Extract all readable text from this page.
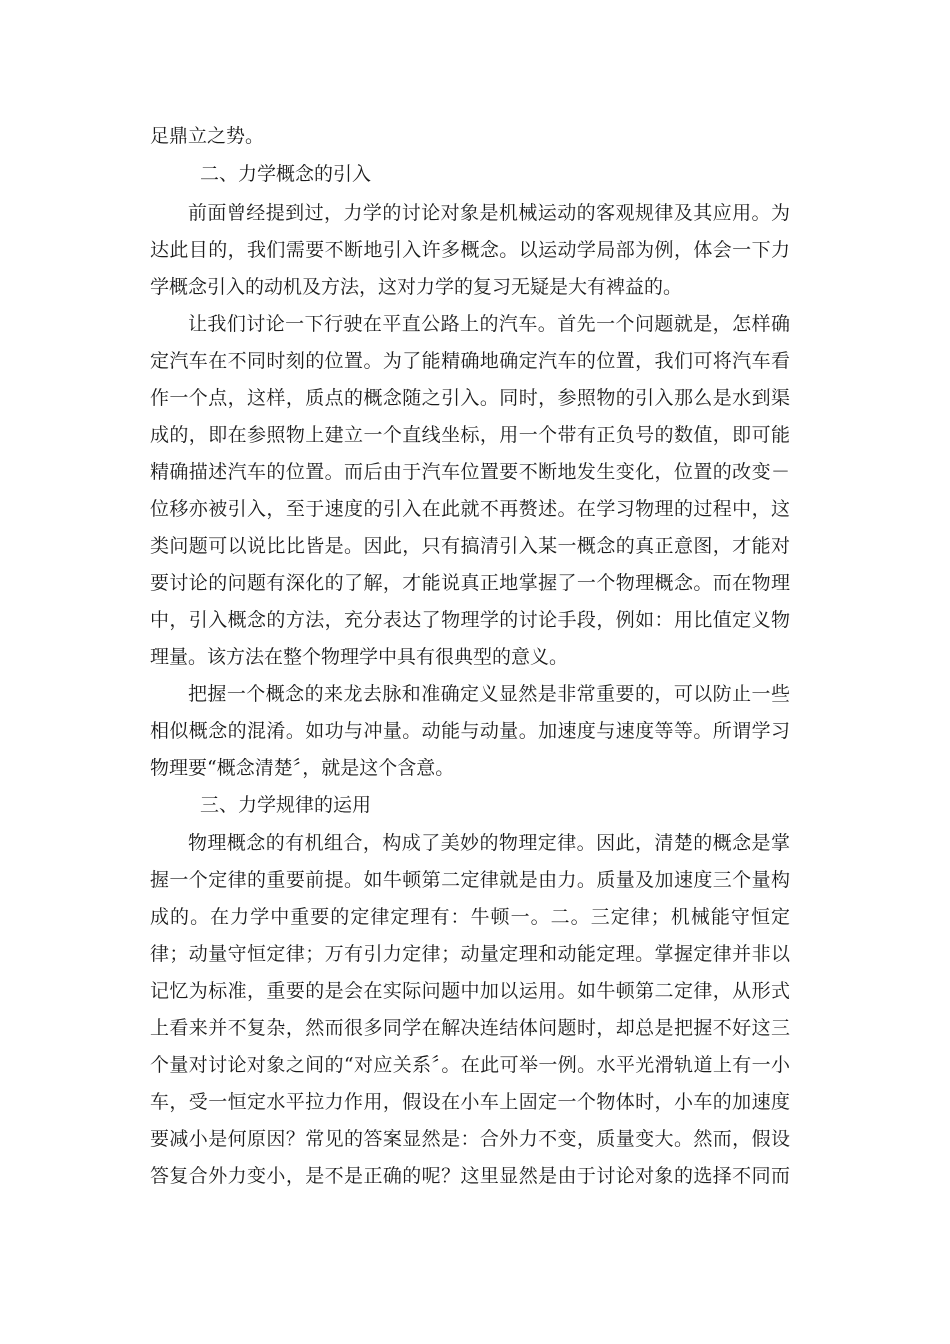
足鼎立之势。
二、力学概念的引入
前面曾经提到过，力学的讨论对象是机械运动的客观规律及其应用。为
达此目的，我们需要不断地引入许多概念。以运动学局部为例，体会一下力
学概念引入的动机及方法，这对力学的复习无疑是大有裨益的。
让我们讨论一下行驶在平直公路上的汽车。首先一个问题就是，怎样确
定汽车在不同时刻的位置。为了能精确地确定汽车的位置，我们可将汽车看
作一个点，这样，质点的概念随之引入。同时，参照物的引入那么是水到渠
成的，即在参照物上建立一个直线坐标，用一个带有正负号的数值，即可能
精确描述汽车的位置。而后由于汽车位置要不断地发生变化，位置的改变－
位移亦被引入，至于速度的引入在此就不再赘述。在学习物理的过程中，这
类问题可以说比比皆是。因此，只有搞清引入某一概念的真正意图，才能对
要讨论的问题有深化的了解，才能说真正地掌握了一个物理概念。而在物理
中，引入概念的方法，充分表达了物理学的讨论手段，例如：用比值定义物
理量。该方法在整个物理学中具有很典型的意义。
把握一个概念的来龙去脉和准确定义显然是非常重要的，可以防止一些
相似概念的混淆。如功与冲量。动能与动量。加速度与速度等等。所谓学习
物理要“概念清楚〞，就是这个含意。
三、力学规律的运用
物理概念的有机组合，构成了美妙的物理定律。因此，清楚的概念是掌
握一个定律的重要前提。如牛顿第二定律就是由力。质量及加速度三个量构
成的。在力学中重要的定律定理有：牛顿一。二。三定律；机械能守恒定
律；动量守恒定律；万有引力定律；动量定理和动能定理。掌握定律并非以
记忆为标准，重要的是会在实际问题中加以运用。如牛顿第二定律，从形式
上看来并不复杂，然而很多同学在解决连结体问题时，却总是把握不好这三
个量对讨论对象之间的“对应关系〞。在此可举一例。水平光滑轨道上有一小
车，受一恒定水平拉力作用，假设在小车上固定一个物体时，小车的加速度
要减小是何原因？常见的答案显然是：合外力不变，质量变大。然而，假设
答复合外力变小，是不是正确的呢？这里显然是由于讨论对象的选择不同而
